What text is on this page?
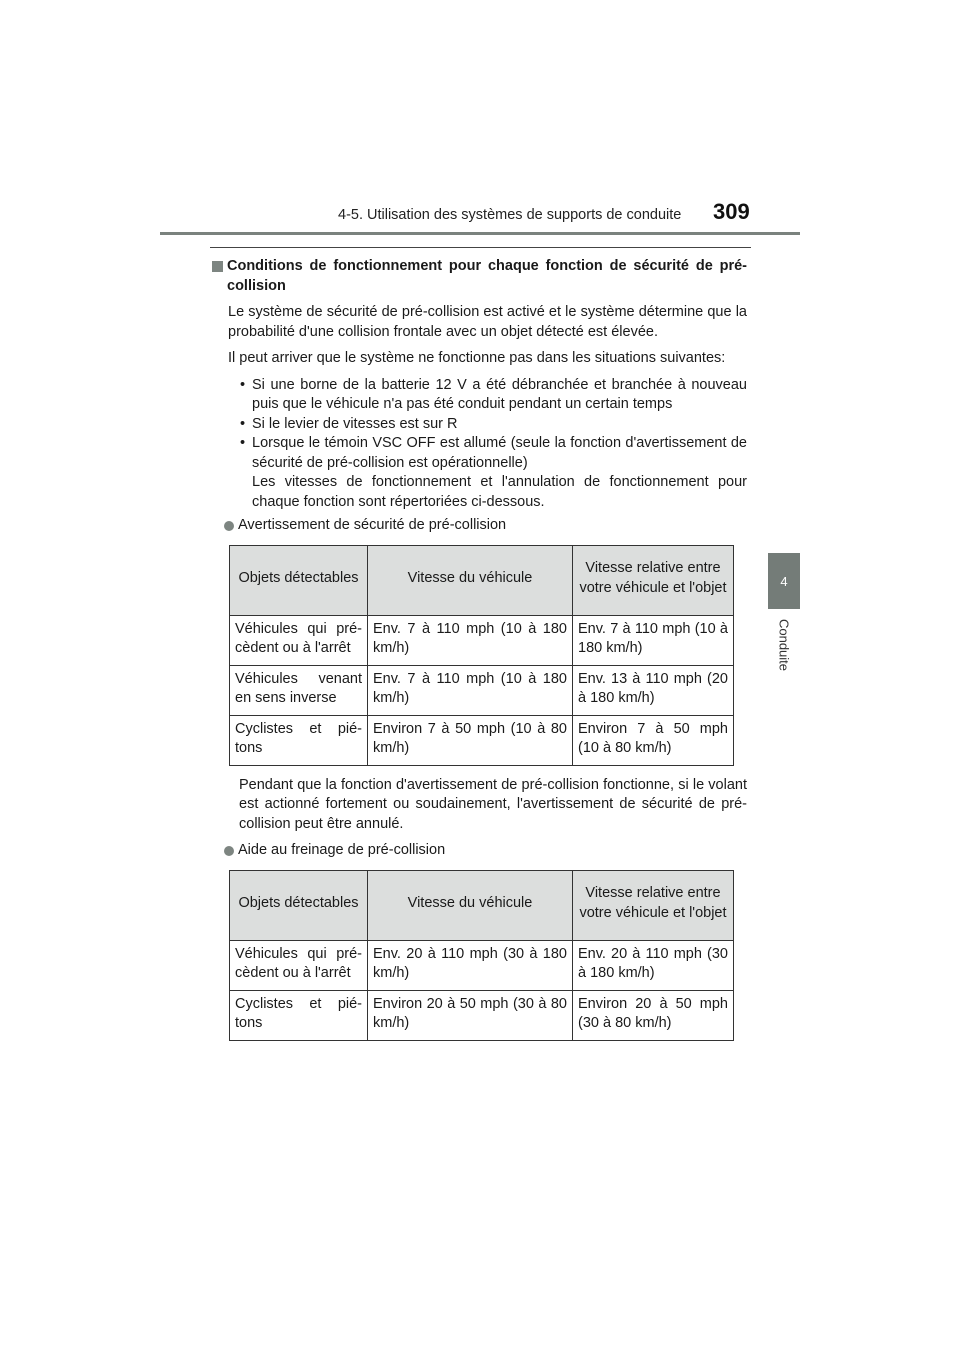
4-5. Utilisation des systèmes de supports de conduite 309
4
Conduite
Conditions de fonctionnement pour chaque fonction de sécurité de pré-collision

Le système de sécurité de pré-collision est activé et le système détermine que la probabilité d'une collision frontale avec un objet détecté est élevée.

Il peut arriver que le système ne fonctionne pas dans les situations suivantes:

• Si une borne de la batterie 12 V a été débranchée et branchée à nouveau puis que le véhicule n'a pas été conduit pendant un certain temps
• Si le levier de vitesses est sur R
• Lorsque le témoin VSC OFF est allumé (seule la fonction d'avertissement de sécurité de pré-collision est opérationnelle)
Les vitesses de fonctionnement et l'annulation de fonctionnement pour chaque fonction sont répertoriées ci-dessous.
Avertissement de sécurité de pré-collision
Objets détectables	Vitesse du véhicule	Vitesse relative entre votre véhicule et l'objet
Véhicules qui pré-cèdent ou à l'arrêt	Env. 7 à 110 mph (10 à 180 km/h)	Env. 7 à 110 mph (10 à 180 km/h)
Véhicules venant en sens inverse	Env. 7 à 110 mph (10 à 180 km/h)	Env. 13 à 110 mph (20 à 180 km/h)
Cyclistes et pié-tons	Environ 7 à 50 mph (10 à 80 km/h)	Environ 7 à 50 mph (10 à 80 km/h)

Pendant que la fonction d'avertissement de pré-collision fonctionne, si le volant est actionné fortement ou soudainement, l'avertissement de sécurité de pré-collision peut être annulé.

Aide au freinage de pré-collision
Objets détectables	Vitesse du véhicule	Vitesse relative entre votre véhicule et l'objet
Véhicules qui pré-cèdent ou à l'arrêt	Env. 20 à 110 mph (30 à 180 km/h)	Env. 20 à 110 mph (30 à 180 km/h)
Cyclistes et pié-tons	Environ 20 à 50 mph (30 à 80 km/h)	Environ 20 à 50 mph (30 à 80 km/h)
